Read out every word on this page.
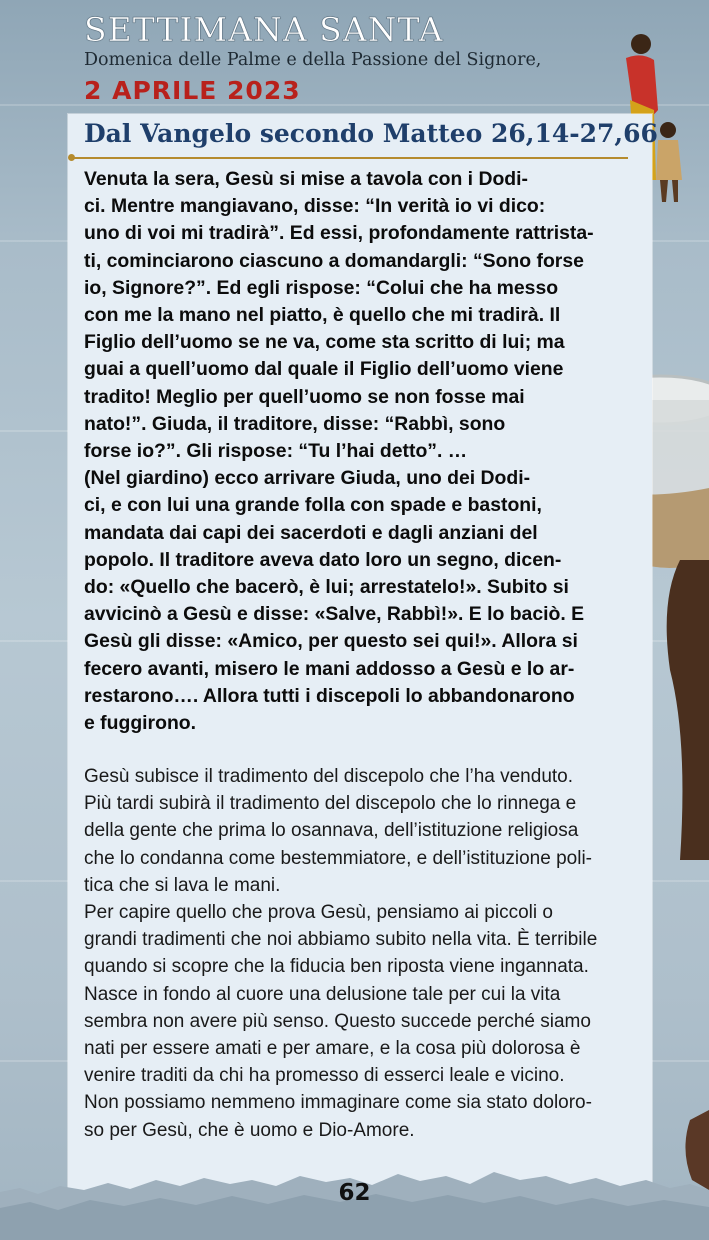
SETTIMANA SANTA
Domenica delle Palme e della Passione del Signore,
2 APRILE 2023
Dal Vangelo secondo Matteo 26,14-27,66
Venuta la sera, Gesù si mise a tavola con i Dodi-
ci. Mentre mangiavano, disse: “In verità io vi dico:
uno di voi mi tradirà”. Ed essi, profondamente rattrista-
ti, cominciarono ciascuno a domandargli: “Sono forse
io, Signore?”. Ed egli rispose: “Colui che ha messo
con me la mano nel piatto, è quello che mi tradirà. Il
Figlio dell’uomo se ne va, come sta scritto di lui; ma
guai a quell’uomo dal quale il Figlio dell’uomo viene
tradito! Meglio per quell’uomo se non fosse mai
nato!”. Giuda, il traditore, disse: “Rabbì, sono
forse io?”. Gli rispose: “Tu l’hai detto”. …
(Nel giardino) ecco arrivare Giuda, uno dei Dodi-
ci, e con lui una grande folla con spade e bastoni,
mandata dai capi dei sacerdoti e dagli anziani del
popolo. Il traditore aveva dato loro un segno, dicen-
do: «Quello che bacerò, è lui; arrestatelo!». Subito si
avvicinò a Gesù e disse: «Salve, Rabbì!». E lo baciò. E
Gesù gli disse: «Amico, per questo sei qui!». Allora si
fecero avanti, misero le mani addosso a Gesù e lo ar-
restarono…. Allora tutti i discepoli lo abbandonarono
e fuggirono.
Gesù subisce il tradimento del discepolo che l’ha venduto.
Più tardi subirà il tradimento del discepolo che lo rinnega e
della gente che prima lo osannava, dell’istituzione religiosa
che lo condanna come bestemmiatore, e dell’istituzione poli-
tica che si lava le mani.
Per capire quello che prova Gesù, pensiamo ai piccoli o
grandi tradimenti che noi abbiamo subito nella vita. È terribile
quando si scopre che la fiducia ben riposta viene ingannata.
Nasce in fondo al cuore una delusione tale per cui la vita
sembra non avere più senso. Questo succede perché siamo
nati per essere amati e per amare, e la cosa più dolorosa è
venire traditi da chi ha promesso di esserci leale e vicino.
Non possiamo nemmeno immaginare come sia stato doloro-
so per Gesù, che è uomo e Dio-Amore.
62
